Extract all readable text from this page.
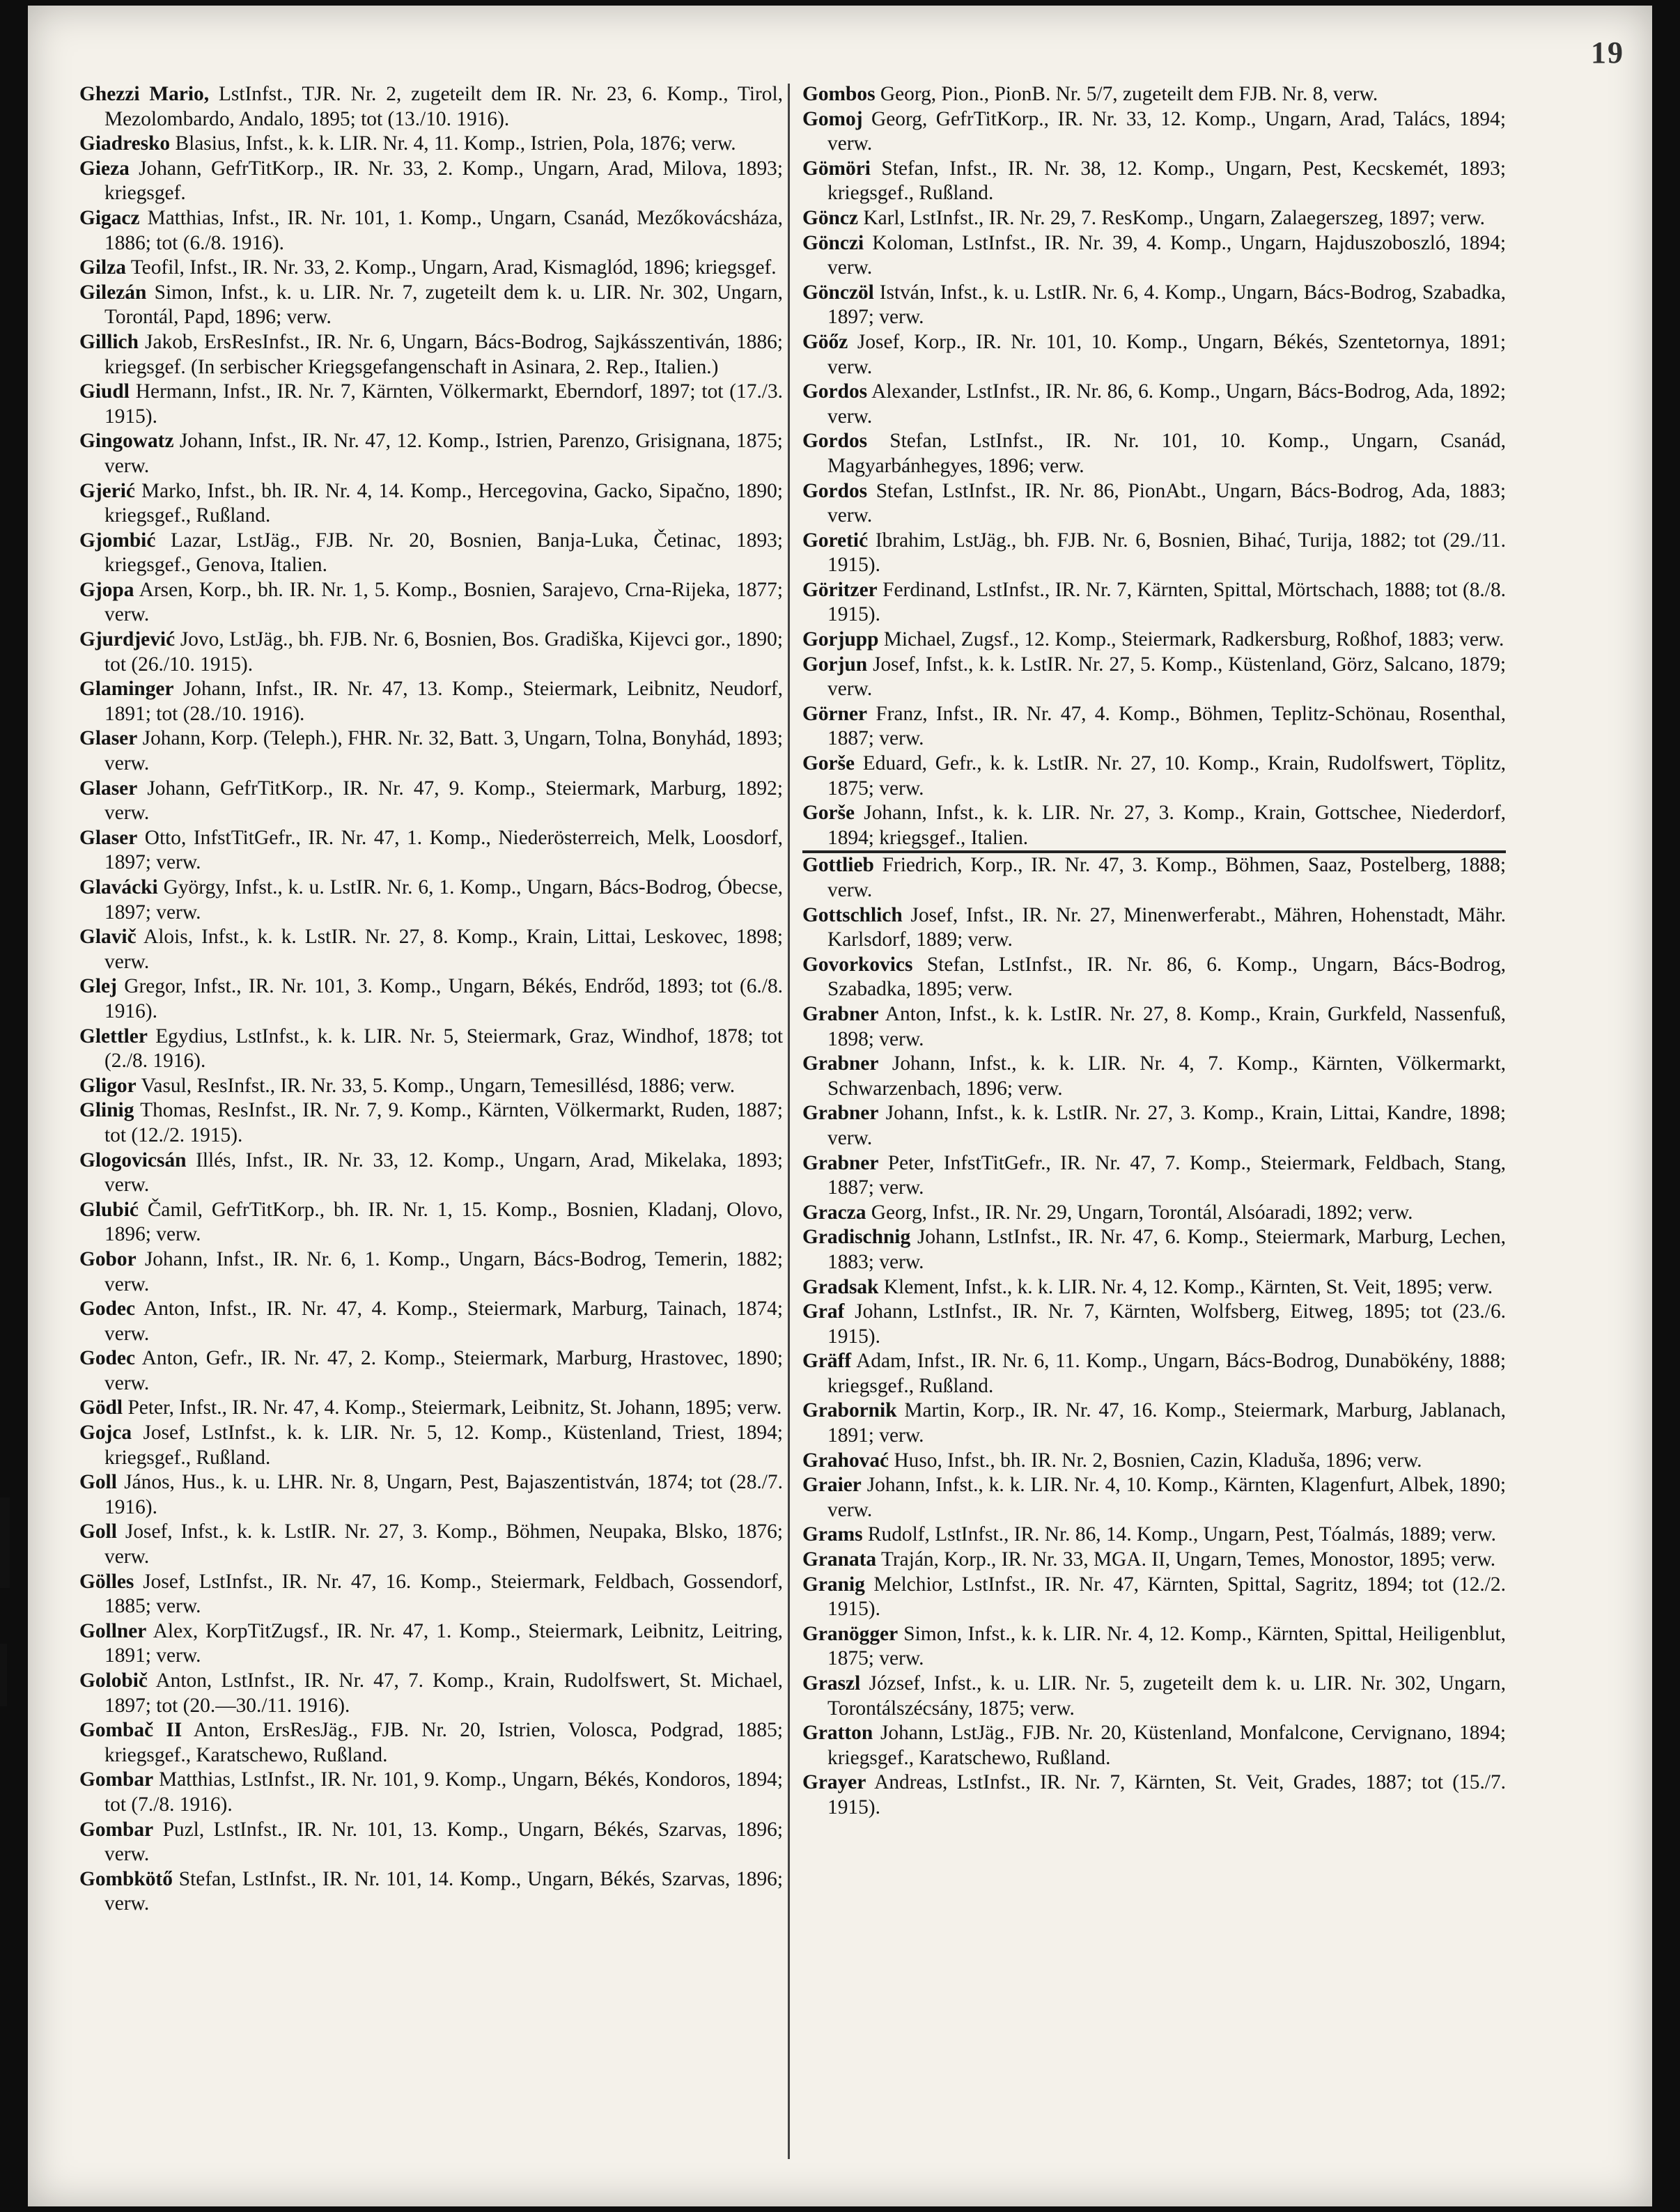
19

Ghezzi Mario, LstInfst., TJR. Nr. 2, zugeteilt dem IR. Nr. 23, 6. Komp., Tirol, Mezolombardo, Andalo, 1895; tot (13./10. 1916).

Giadresko Blasius, Infst., k. k. LIR. Nr. 4, 11. Komp., Istrien, Pola, 1876; verw.

Gieza Johann, GefrTitKorp., IR. Nr. 33, 2. Komp., Ungarn, Arad, Milova, 1893; kriegsgef.

Gigacz Matthias, Infst., IR. Nr. 101, 1. Komp., Ungarn, Csanád, Mezőkovácsháza, 1886; tot (6./8. 1916).

Gilza Teofil, Infst., IR. Nr. 33, 2. Komp., Ungarn, Arad, Kismaglód, 1896; kriegsgef.

Gilezán Simon, Infst., k. u. LIR. Nr. 7, zugeteilt dem k. u. LIR. Nr. 302, Ungarn, Torontál, Papd, 1896; verw.

Gillich Jakob, ErsResInfst., IR. Nr. 6, Ungarn, Bács-Bodrog, Sajkásszentiván, 1886; kriegsgef. (In serbischer Kriegsgefangenschaft in Asinara, 2. Rep., Italien.)

Giudl Hermann, Infst., IR. Nr. 7, Kärnten, Völkermarkt, Eberndorf, 1897; tot (17./3. 1915).

Gingowatz Johann, Infst., IR. Nr. 47, 12. Komp., Istrien, Parenzo, Grisignana, 1875; verw.

Gjerić Marko, Infst., bh. IR. Nr. 4, 14. Komp., Hercegovina, Gacko, Sipačno, 1890; kriegsgef., Rußland.

Gjombić Lazar, LstJäg., FJB. Nr. 20, Bosnien, Banja-Luka, Četinac, 1893; kriegsgef., Genova, Italien.

Gjopa Arsen, Korp., bh. IR. Nr. 1, 5. Komp., Bosnien, Sarajevo, Crna-Rijeka, 1877; verw.

Gjurdjević Jovo, LstJäg., bh. FJB. Nr. 6, Bosnien, Bos. Gradiška, Kijevci gor., 1890; tot (26./10. 1915).

Glaminger Johann, Infst., IR. Nr. 47, 13. Komp., Steiermark, Leibnitz, Neudorf, 1891; tot (28./10. 1916).

Glaser Johann, Korp. (Teleph.), FHR. Nr. 32, Batt. 3, Ungarn, Tolna, Bonyhád, 1893; verw.

Glaser Johann, GefrTitKorp., IR. Nr. 47, 9. Komp., Steiermark, Marburg, 1892; verw.

Glaser Otto, InfstTitGefr., IR. Nr. 47, 1. Komp., Niederösterreich, Melk, Loosdorf, 1897; verw.

Glavácki György, Infst., k. u. LstIR. Nr. 6, 1. Komp., Ungarn, Bács-Bodrog, Óbecse, 1897; verw.

Glavič Alois, Infst., k. k. LstIR. Nr. 27, 8. Komp., Krain, Littai, Leskovec, 1898; verw.

Glej Gregor, Infst., IR. Nr. 101, 3. Komp., Ungarn, Békés, Endrőd, 1893; tot (6./8. 1916).

Glettler Egydius, LstInfst., k. k. LIR. Nr. 5, Steiermark, Graz, Windhof, 1878; tot (2./8. 1916).

Gligor Vasul, ResInfst., IR. Nr. 33, 5. Komp., Ungarn, Temesillésd, 1886; verw.

Glinig Thomas, ResInfst., IR. Nr. 7, 9. Komp., Kärnten, Völkermarkt, Ruden, 1887; tot (12./2. 1915).

Glogovicsán Illés, Infst., IR. Nr. 33, 12. Komp., Ungarn, Arad, Mikelaka, 1893; verw.

Glubić Čamil, GefrTitKorp., bh. IR. Nr. 1, 15. Komp., Bosnien, Kladanj, Olovo, 1896; verw.

Gobor Johann, Infst., IR. Nr. 6, 1. Komp., Ungarn, Bács-Bodrog, Temerin, 1882; verw.

Godec Anton, Infst., IR. Nr. 47, 4. Komp., Steiermark, Marburg, Tainach, 1874; verw.

Godec Anton, Gefr., IR. Nr. 47, 2. Komp., Steiermark, Marburg, Hrastovec, 1890; verw.

Gödl Peter, Infst., IR. Nr. 47, 4. Komp., Steiermark, Leibnitz, St. Johann, 1895; verw.

Gojca Josef, LstInfst., k. k. LIR. Nr. 5, 12. Komp., Küstenland, Triest, 1894; kriegsgef., Rußland.

Goll János, Hus., k. u. LHR. Nr. 8, Ungarn, Pest, Bajaszentistván, 1874; tot (28./7. 1916).

Goll Josef, Infst., k. k. LstIR. Nr. 27, 3. Komp., Böhmen, Neupaka, Blsko, 1876; verw.

Gölles Josef, LstInfst., IR. Nr. 47, 16. Komp., Steiermark, Feldbach, Gossendorf, 1885; verw.

Gollner Alex, KorpTitZugsf., IR. Nr. 47, 1. Komp., Steiermark, Leibnitz, Leitring, 1891; verw.

Golobič Anton, LstInfst., IR. Nr. 47, 7. Komp., Krain, Rudolfswert, St. Michael, 1897; tot (20.—30./11. 1916).

Gombač II Anton, ErsResJäg., FJB. Nr. 20, Istrien, Volosca, Podgrad, 1885; kriegsgef., Karatschewo, Rußland.

Gombar Matthias, LstInfst., IR. Nr. 101, 9. Komp., Ungarn, Békés, Kondoros, 1894; tot (7./8. 1916).

Gombar Puzl, LstInfst., IR. Nr. 101, 13. Komp., Ungarn, Békés, Szarvas, 1896; verw.

Gombkötő Stefan, LstInfst., IR. Nr. 101, 14. Komp., Ungarn, Békés, Szarvas, 1896; verw.

Gombos Georg, Pion., PionB. Nr. 5/7, zugeteilt dem FJB. Nr. 8, verw.

Gomoj Georg, GefrTitKorp., IR. Nr. 33, 12. Komp., Ungarn, Arad, Talács, 1894; verw.

Gömöri Stefan, Infst., IR. Nr. 38, 12. Komp., Ungarn, Pest, Kecskemét, 1893; kriegsgef., Rußland.

Göncz Karl, LstInfst., IR. Nr. 29, 7. ResKomp., Ungarn, Zalaegerszeg, 1897; verw.

Gönczi Koloman, LstInfst., IR. Nr. 39, 4. Komp., Ungarn, Hajduszoboszló, 1894; verw.

Gönczöl István, Infst., k. u. LstIR. Nr. 6, 4. Komp., Ungarn, Bács-Bodrog, Szabadka, 1897; verw.

Göőz Josef, Korp., IR. Nr. 101, 10. Komp., Ungarn, Békés, Szentetornya, 1891; verw.

Gordos Alexander, LstInfst., IR. Nr. 86, 6. Komp., Ungarn, Bács-Bodrog, Ada, 1892; verw.

Gordos Stefan, LstInfst., IR. Nr. 101, 10. Komp., Ungarn, Csanád, Magyarbánhegyes, 1896; verw.

Gordos Stefan, LstInfst., IR. Nr. 86, PionAbt., Ungarn, Bács-Bodrog, Ada, 1883; verw.

Goretić Ibrahim, LstJäg., bh. FJB. Nr. 6, Bosnien, Bihać, Turija, 1882; tot (29./11. 1915).

Göritzer Ferdinand, LstInfst., IR. Nr. 7, Kärnten, Spittal, Mörtschach, 1888; tot (8./8. 1915).

Gorjupp Michael, Zugsf., 12. Komp., Steiermark, Radkersburg, Roßhof, 1883; verw.

Gorjun Josef, Infst., k. k. LstIR. Nr. 27, 5. Komp., Küstenland, Görz, Salcano, 1879; verw.

Görner Franz, Infst., IR. Nr. 47, 4. Komp., Böhmen, Teplitz-Schönau, Rosenthal, 1887; verw.

Gorše Eduard, Gefr., k. k. LstIR. Nr. 27, 10. Komp., Krain, Rudolfswert, Töplitz, 1875; verw.

Gorše Johann, Infst., k. k. LIR. Nr. 27, 3. Komp., Krain, Gottschee, Niederdorf, 1894; kriegsgef., Italien.

Gottlieb Friedrich, Korp., IR. Nr. 47, 3. Komp., Böhmen, Saaz, Postelberg, 1888; verw.

Gottschlich Josef, Infst., IR. Nr. 27, Minenwerferabt., Mähren, Hohenstadt, Mähr. Karlsdorf, 1889; verw.

Govorkovics Stefan, LstInfst., IR. Nr. 86, 6. Komp., Ungarn, Bács-Bodrog, Szabadka, 1895; verw.

Grabner Anton, Infst., k. k. LstIR. Nr. 27, 8. Komp., Krain, Gurkfeld, Nassenfuß, 1898; verw.

Grabner Johann, Infst., k. k. LIR. Nr. 4, 7. Komp., Kärnten, Völkermarkt, Schwarzenbach, 1896; verw.

Grabner Johann, Infst., k. k. LstIR. Nr. 27, 3. Komp., Krain, Littai, Kandre, 1898; verw.

Grabner Peter, InfstTitGefr., IR. Nr. 47, 7. Komp., Steiermark, Feldbach, Stang, 1887; verw.

Gracza Georg, Infst., IR. Nr. 29, Ungarn, Torontál, Alsóaradi, 1892; verw.

Gradischnig Johann, LstInfst., IR. Nr. 47, 6. Komp., Steiermark, Marburg, Lechen, 1883; verw.

Gradsak Klement, Infst., k. k. LIR. Nr. 4, 12. Komp., Kärnten, St. Veit, 1895; verw.

Graf Johann, LstInfst., IR. Nr. 7, Kärnten, Wolfsberg, Eitweg, 1895; tot (23./6. 1915).

Gräff Adam, Infst., IR. Nr. 6, 11. Komp., Ungarn, Bács-Bodrog, Dunabökény, 1888; kriegsgef., Rußland.

Grabornik Martin, Korp., IR. Nr. 47, 16. Komp., Steiermark, Marburg, Jablanach, 1891; verw.

Grahovać Huso, Infst., bh. IR. Nr. 2, Bosnien, Cazin, Kladuša, 1896; verw.

Graier Johann, Infst., k. k. LIR. Nr. 4, 10. Komp., Kärnten, Klagenfurt, Albek, 1890; verw.

Grams Rudolf, LstInfst., IR. Nr. 86, 14. Komp., Ungarn, Pest, Tóalmás, 1889; verw.

Granata Traján, Korp., IR. Nr. 33, MGA. II, Ungarn, Temes, Monostor, 1895; verw.

Granig Melchior, LstInfst., IR. Nr. 47, Kärnten, Spittal, Sagritz, 1894; tot (12./2. 1915).

Granögger Simon, Infst., k. k. LIR. Nr. 4, 12. Komp., Kärnten, Spittal, Heiligenblut, 1875; verw.

Graszl József, Infst., k. u. LIR. Nr. 5, zugeteilt dem k. u. LIR. Nr. 302, Ungarn, Torontálszécsány, 1875; verw.

Gratton Johann, LstJäg., FJB. Nr. 20, Küstenland, Monfalcone, Cervignano, 1894; kriegsgef., Karatschewo, Rußland.

Grayer Andreas, LstInfst., IR. Nr. 7, Kärnten, St. Veit, Grades, 1887; tot (15./7. 1915).
